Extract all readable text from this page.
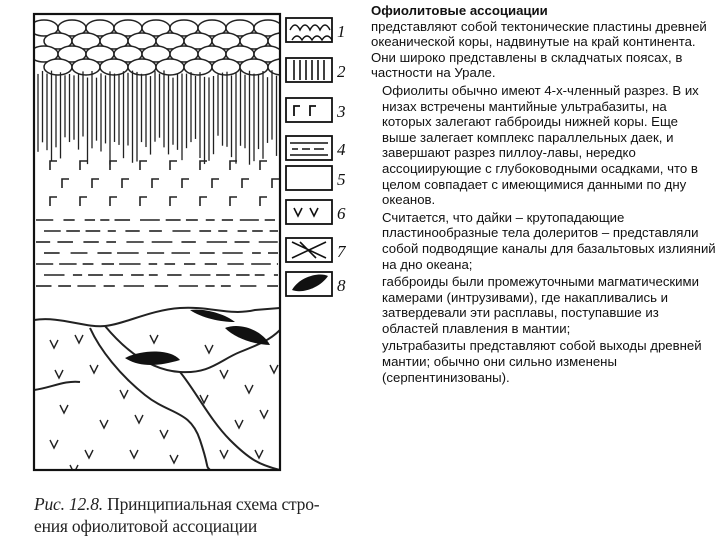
1
2
3
4
5
6
7
8
Рис. 12.8. Принципиальная схема стро-
ения офиолитовой ассоциации

Офиолитовые ассоциации
представляют собой тектонические пластины древней океанической коры, надвинутые на край континента. Они широко представлены в складчатых поясах, в частности на Урале.

Офиолиты обычно имеют 4-х-членный разрез. В их низах встречены мантийные ультрабазиты, на которых залегают габброиды нижней коры. Еще выше залегает комплекс параллельных даек, и завершают разрез пиллоу-лавы, нередко ассоциирующие с глубоководными осадками, что в целом совпадает с имеющимися данными по дну океанов.

Считается, что дайки – крутопадающие пластинообразные тела долеритов – представляли собой подводящие каналы для базальтовых излияний на дно океана;

габброиды были промежуточными магматическими камерами (интрузивами), где накапливались и затвердевали эти расплавы, поступавшие из областей плавления в мантии;

ультрабазиты представляют собой выходы древней мантии; обычно они сильно изменены (серпентинизованы).
